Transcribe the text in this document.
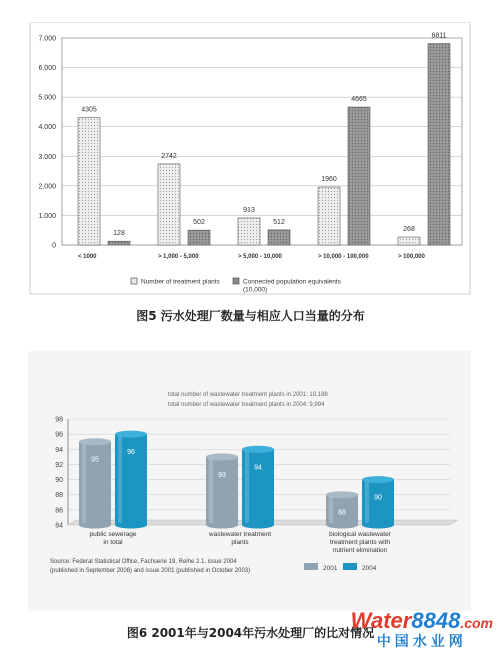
0
1.000
2.000
3.000
4.000
5.000
6.000
7.000
4305
128
2742
502
913
512
1960
4665
268
6811
< 1000	> 1,000 - 5,000	> 5,000 - 10,000	> 10,000 - 100,000	> 100,000
Number of treatment plants	Connected population equivalents
(10,000)
图5 污水处理厂数量与相应人口当量的分布
84
86
88
90
92
94
96
98
95
96
93
94
88
90
public sewerage
in total
wastewater treatment
plants
biological wastewater
treatment plants with
nutrient elimination
total number of wastewater treatment plants in 2001: 10,188
total number of wastewater treatment plants in 2004: 9,994
Source: Federal Statistical Office, Fachserie 19, Reihe 2.1, issue 2004
(published in September 2006) and issue 2001 (published in October 2003)	2001	2004
图6 2001年与2004年污水处理厂的比对情况
Water8848.com
中国水业网
